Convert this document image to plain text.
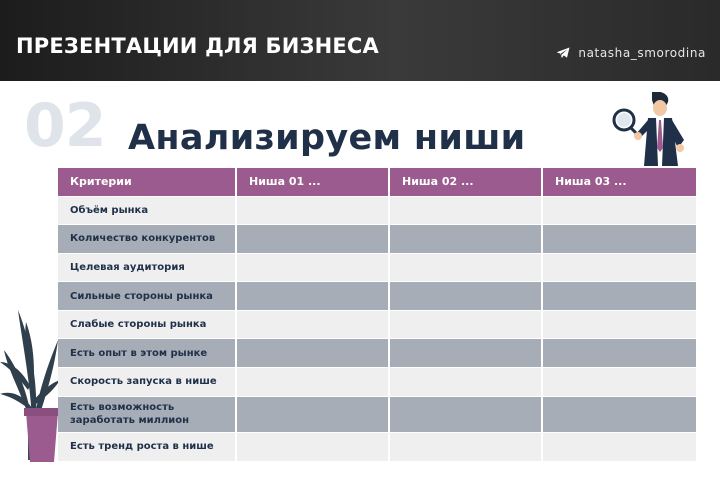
ПРЕЗЕНТАЦИИ ДЛЯ БИЗНЕСА	natasha_smorodina
02 Анализируем ниши
Критерии	Ниша 01 ...	Ниша 02 ...	Ниша 03 ...
Объём рынка			
Количество конкурентов			
Целевая аудитория			
Сильные стороны рынка			
Слабые стороны рынка			
Есть опыт в этом рынке			
Скорость запуска в нише			
Есть возможность заработать миллион			
Есть тренд роста в нише			
